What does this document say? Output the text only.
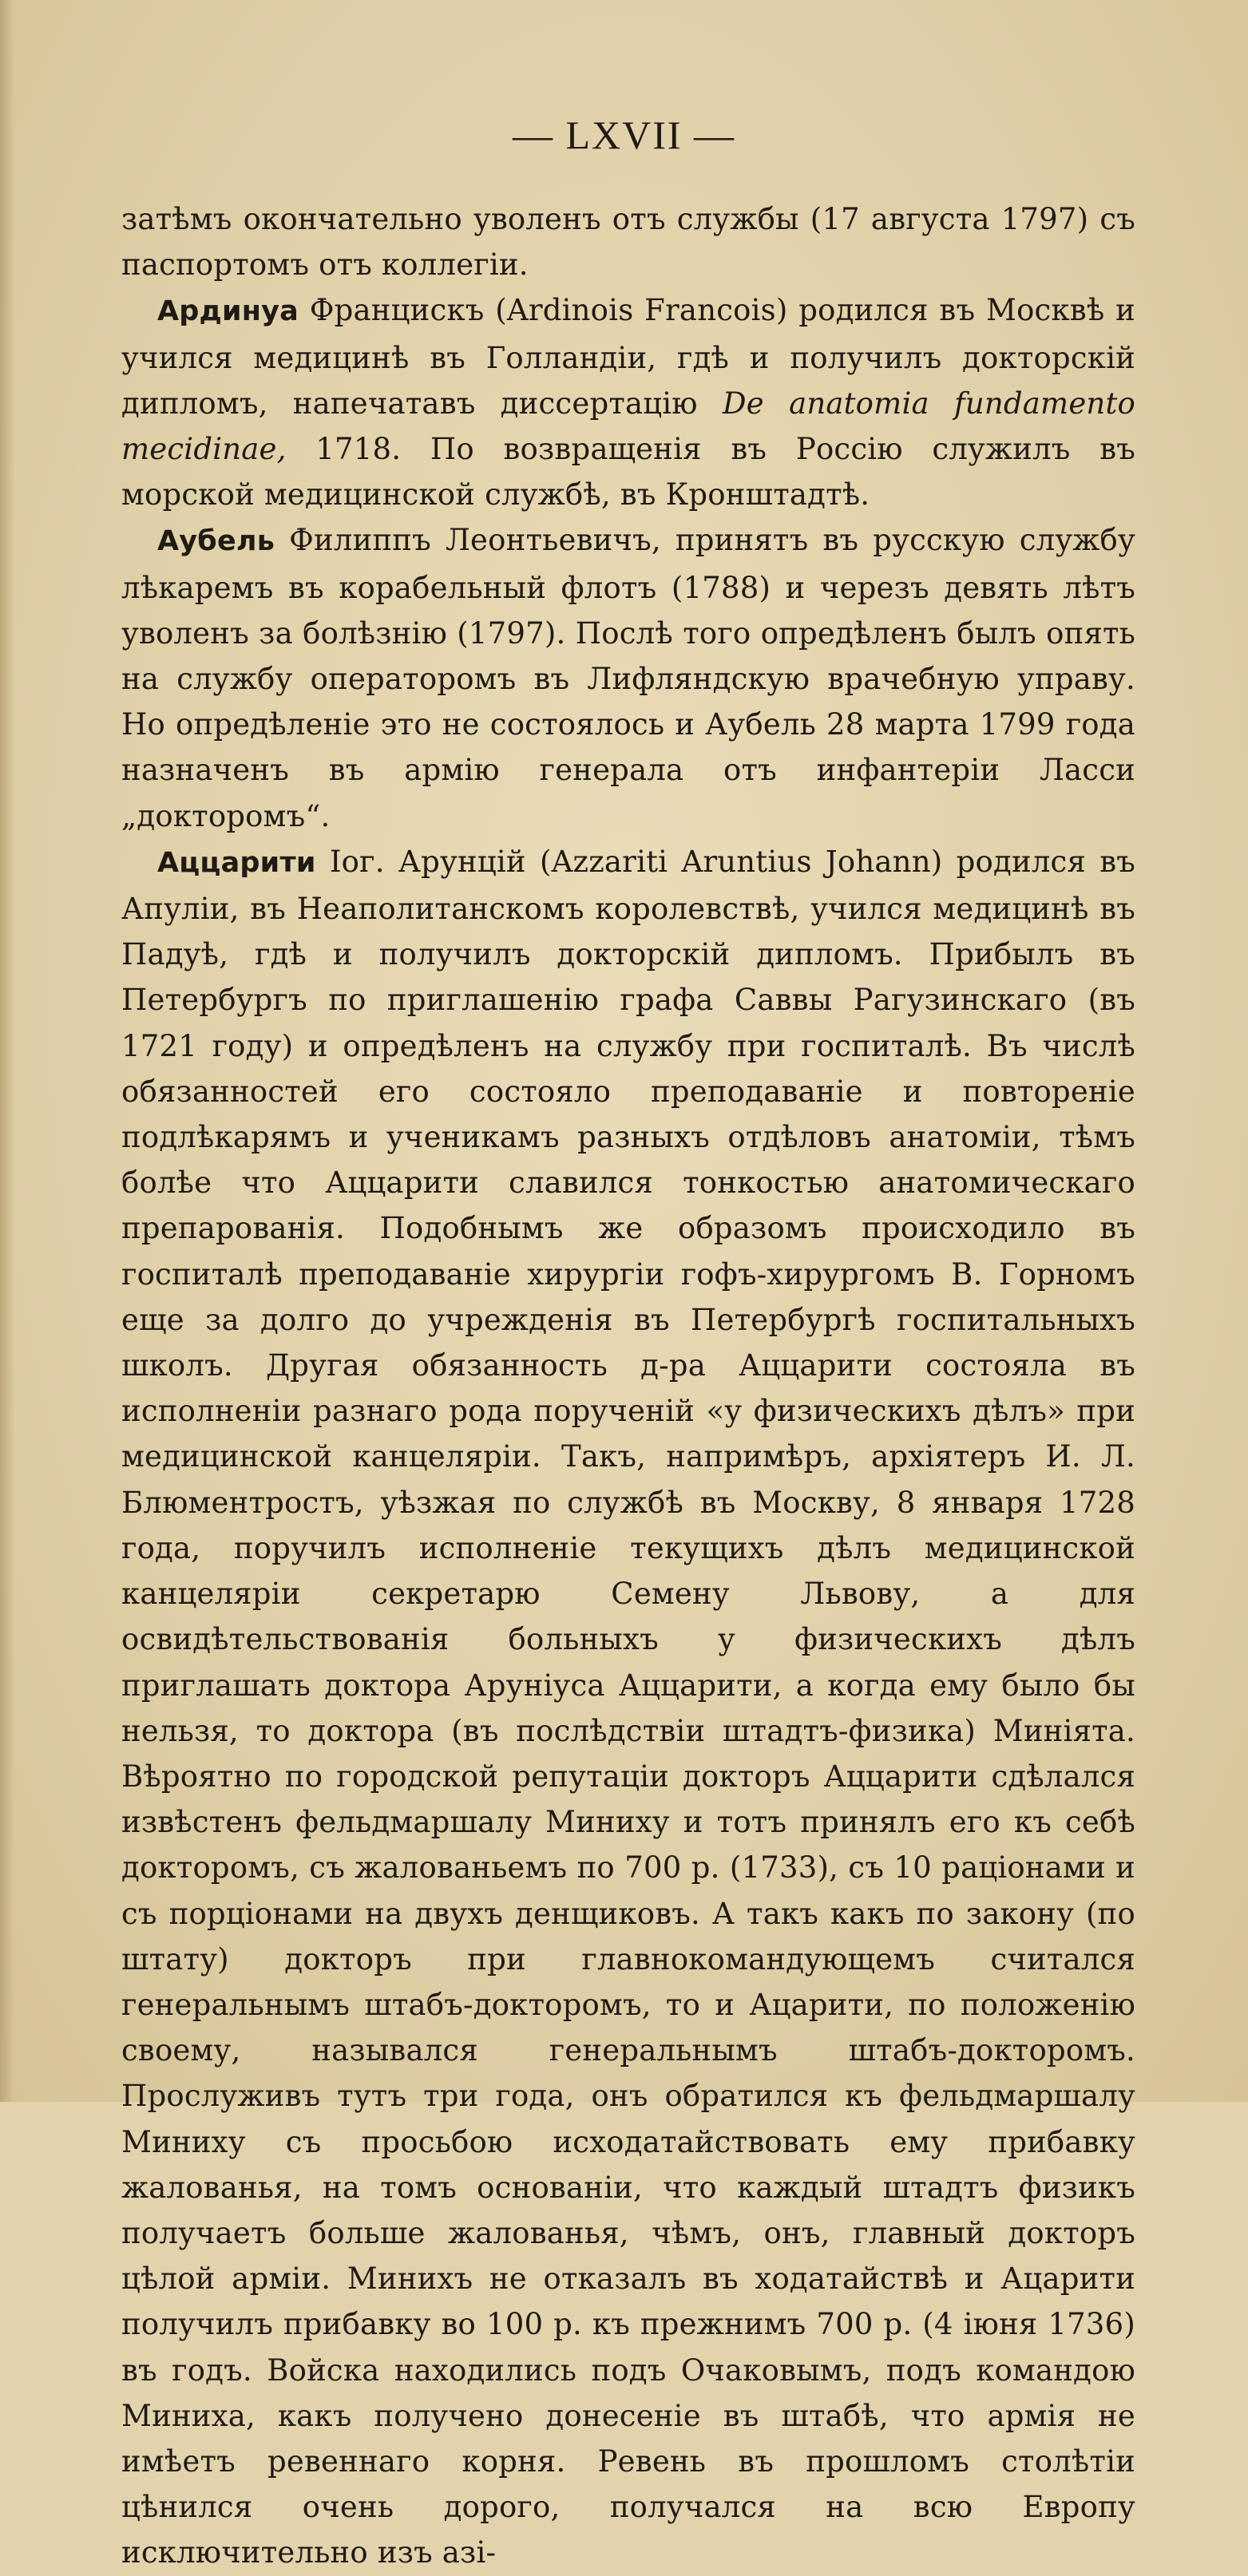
— LXVII —

затѣмъ окончательно уволенъ отъ службы (17 августа 1797) съ паспортомъ отъ коллегіи.

Ардинуа Францискъ (Ardinois Francois) родился въ Москвѣ и учился медицинѣ въ Голландіи, гдѣ и получилъ докторскій дипломъ, напечатавъ диссертацію De anatomia fundamento mecidinae, 1718. По возвращенія въ Россію служилъ въ морской медицинской службѣ, въ Кронштадтѣ.

Аубель Филиппъ Леонтьевичъ, принятъ въ русскую службу лѣкаремъ въ корабельный флотъ (1788) и черезъ девять лѣтъ уволенъ за болѣзнію (1797). Послѣ того опредѣленъ былъ опять на службу операторомъ въ Лифляндскую врачебную управу. Но опредѣленіе это не состоялось и Аубель 28 марта 1799 года назначенъ въ армію генерала отъ инфантеріи Ласси „докторомъ“.

Аццарити Іог. Арунцій (Azzariti Aruntius Johann) родился въ Апуліи, въ Неаполитанскомъ королевствѣ, учился медицинѣ въ Падуѣ, гдѣ и получилъ докторскій дипломъ. Прибылъ въ Петербургъ по приглашенію графа Саввы Рагузинскаго (въ 1721 году) и опредѣленъ на службу при госпиталѣ. Въ числѣ обязанностей его состояло преподаваніе и повтореніе подлѣкарямъ и ученикамъ разныхъ отдѣловъ анатоміи, тѣмъ болѣе что Аццарити славился тонкостью анатомическаго препарованія. Подобнымъ же образомъ происходило въ госпиталѣ преподаваніе хирургіи гофъ-хирургомъ В. Горномъ еще за долго до учрежденія въ Петербургѣ госпитальныхъ школъ. Другая обязанность д-ра Аццарити состояла въ исполненіи разнаго рода порученій «у физическихъ дѣлъ» при медицинской канцеляріи. Такъ, напримѣръ, архіятеръ И. Л. Блюментростъ, уѣзжая по службѣ въ Москву, 8 января 1728 года, поручилъ исполненіе текущихъ дѣлъ медицинской канцеляріи секретарю Семену Львову, а для освидѣтельствованія больныхъ у физическихъ дѣлъ приглашать доктора Аруніуса Аццарити, а когда ему было бы нельзя, то доктора (въ послѣдствіи штадтъ-физика) Миніята. Вѣроятно по городской репутаціи докторъ Аццарити сдѣлался извѣстенъ фельдмаршалу Миниху и тотъ принялъ его къ себѣ докторомъ, съ жалованьемъ по 700 р. (1733), съ 10 раціонами и съ порціонами на двухъ денщиковъ. А такъ какъ по закону (по штату) докторъ при главнокомандующемъ считался генеральнымъ штабъ-докторомъ, то и Ацарити, по положенію своему, назывался генеральнымъ штабъ-докторомъ. Прослуживъ тутъ три года, онъ обратился къ фельдмаршалу Миниху съ просьбою исходатайствовать ему прибавку жалованья, на томъ основаніи, что каждый штадтъ физикъ получаетъ больше жалованья, чѣмъ, онъ, главный докторъ цѣлой арміи. Минихъ не отказалъ въ ходатайствѣ и Ацарити получилъ прибавку во 100 р. къ прежнимъ 700 р. (4 іюня 1736) въ годъ. Войска находились подъ Очаковымъ, подъ командою Миниха, какъ получено донесеніе въ штабѣ, что армія не имѣетъ ревеннаго корня. Ревень въ прошломъ столѣтіи цѣнился очень дорого, получался на всю Европу исключительно изъ азі-
